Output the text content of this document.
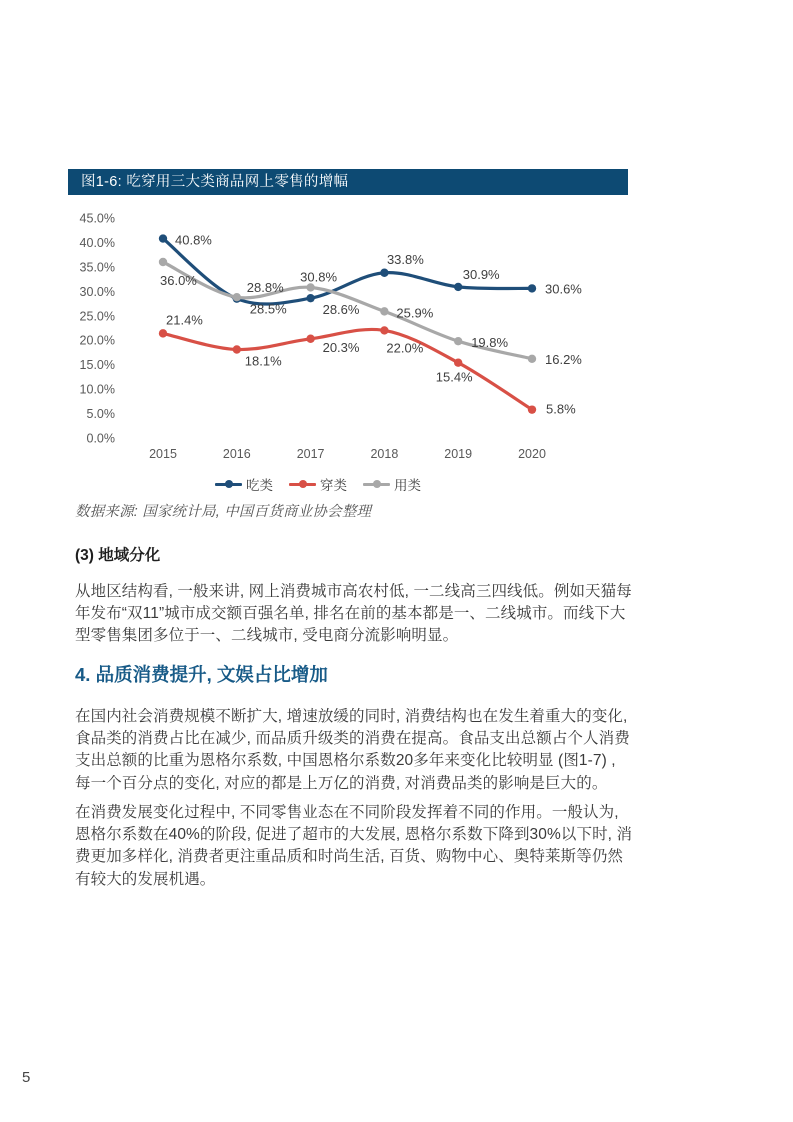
图1-6: 吃穿用三大类商品网上零售的增幅
0.0%
5.0%
10.0%
15.0%
20.0%
25.0%
30.0%
35.0%
40.0%
45.0%
2015	2016	2017	2018	2019	2020
40.8%
28.5%	28.6%
33.8%
30.9%
30.6%
21.4%
18.1%
20.3% 22.0%
15.4%
5.8%
36.0%	28.8%
30.8%
25.9%
19.8%
16.2%
吃类	穿类	用类
数据来源: 国家统计局, 中国百货商业协会整理
(3) 地域分化
从地区结构看, 一般来讲, 网上消费城市高农村低, 一二线高三四线低。例如天猫每年发布“双11”城市成交额百强名单, 排名在前的基本都是一、二线城市。而线下大型零售集团多位于一、二线城市, 受电商分流影响明显。
4. 品质消费提升, 文娱占比增加
在国内社会消费规模不断扩大, 增速放缓的同时, 消费结构也在发生着重大的变化, 食品类的消费占比在减少, 而品质升级类的消费在提高。食品支出总额占个人消费支出总额的比重为恩格尔系数, 中国恩格尔系数20多年来变化比较明显 (图1-7) , 每一个百分点的变化, 对应的都是上万亿的消费, 对消费品类的影响是巨大的。
在消费发展变化过程中, 不同零售业态在不同阶段发挥着不同的作用。一般认为, 恩格尔系数在40%的阶段, 促进了超市的大发展, 恩格尔系数下降到30%以下时, 消费更加多样化, 消费者更注重品质和时尚生活, 百货、购物中心、奥特莱斯等仍然有较大的发展机遇。
5
